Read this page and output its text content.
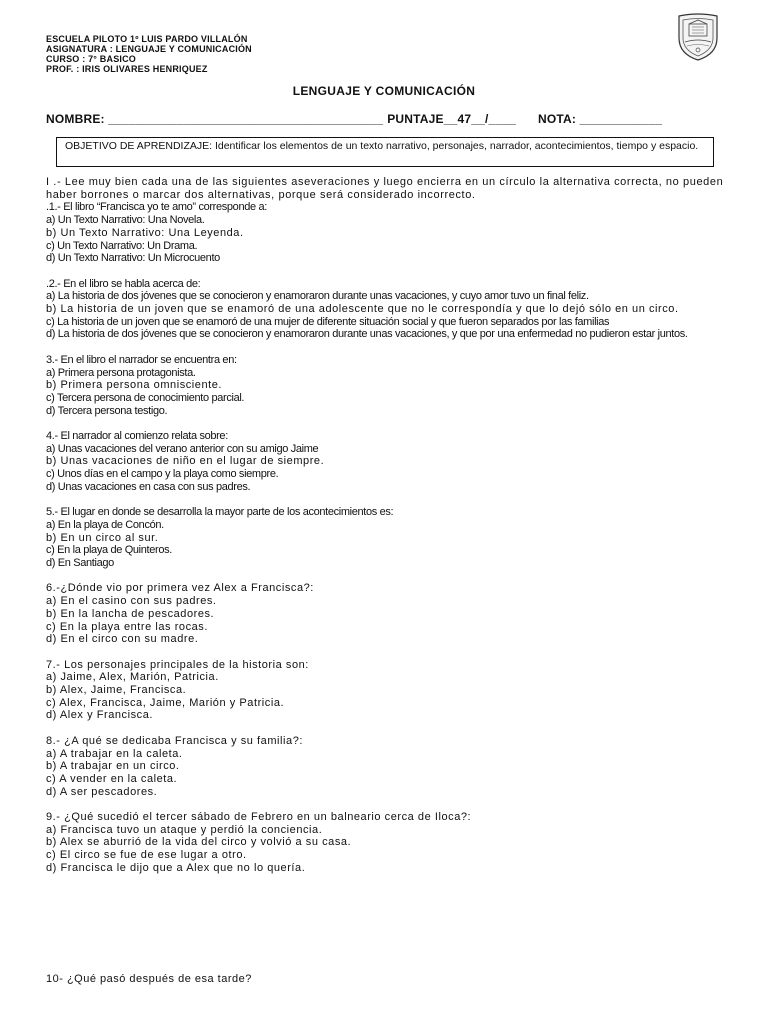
ESCUELA PILOTO 1º LUIS PARDO VILLALÓN
ASIGNATURA : LENGUAJE Y COMUNICACIÓN
CURSO : 7° BASICO
PROF. : IRIS OLIVARES HENRIQUEZ
LENGUAJE Y COMUNICACIÓN
NOMBRE: ________________________________________ PUNTAJE__47__/____ NOTA: ____________
OBJETIVO DE APRENDIZAJE: Identificar los elementos de un texto narrativo, personajes, narrador, acontecimientos, tiempo y espacio.

I .- Lee muy bien cada una de las siguientes aseveraciones y luego encierra en un círculo la alternativa correcta, no pueden haber borrones o marcar dos alternativas, porque será considerado incorrecto.

.1.- El libro “Francisca yo te amo” corresponde a:

a) Un Texto Narrativo: Una Novela.

b) Un Texto Narrativo: Una Leyenda.

c) Un Texto Narrativo: Un Drama.

d) Un Texto Narrativo: Un Microcuento

.2.- En el libro se habla acerca de:

a) La historia de dos jóvenes que se conocieron y enamoraron durante unas vacaciones, y cuyo amor tuvo un final feliz.

b) La historia de un joven que se enamoró de una adolescente que no le correspondía y que lo dejó sólo en un circo.

c) La historia de un joven que se enamoró de una mujer de diferente situación social y que fueron separados por las familias

d) La historia de dos jóvenes que se conocieron y enamoraron durante unas vacaciones, y que por una enfermedad no pudieron estar juntos.

3.- En el libro el narrador se encuentra en:

a) Primera persona protagonista.

b) Primera persona omnisciente.

c) Tercera persona de conocimiento parcial.

d) Tercera persona testigo.

4.- El narrador al comienzo relata sobre:

a) Unas vacaciones del verano anterior con su amigo Jaime

b) Unas vacaciones de niño en el lugar de siempre.

c) Unos días en el campo y la playa como siempre.

d) Unas vacaciones en casa con sus padres.

5.- El lugar en donde se desarrolla la mayor parte de los acontecimientos es:

a) En la playa de Concón.

b) En un circo al sur.

c) En la playa de Quinteros.

d) En Santiago

6.-¿Dónde vio por primera vez Alex a Francisca?:

a) En el casino con sus padres.

b) En la lancha de pescadores.

c) En la playa entre las rocas.

d) En el circo con su madre.

7.- Los personajes principales de la historia son:

a) Jaime, Alex, Marión, Patricia.

b) Alex, Jaime, Francisca.

c) Alex, Francisca, Jaime, Marión y Patricia.

d) Alex y Francisca.

8.- ¿A qué se dedicaba Francisca y su familia?:

a) A trabajar en la caleta.

b) A trabajar en un circo.

c) A vender en la caleta.

d) A ser pescadores.

9.- ¿Qué sucedió el tercer sábado de Febrero en un balneario cerca de Iloca?:

a) Francisca tuvo un ataque y perdió la conciencia.

b) Alex se aburrió de la vida del circo y volvió a su casa.

c) El circo se fue de ese lugar a otro.

d) Francisca le dijo que a Alex que no lo quería.

10- ¿Qué pasó después de esa tarde?
